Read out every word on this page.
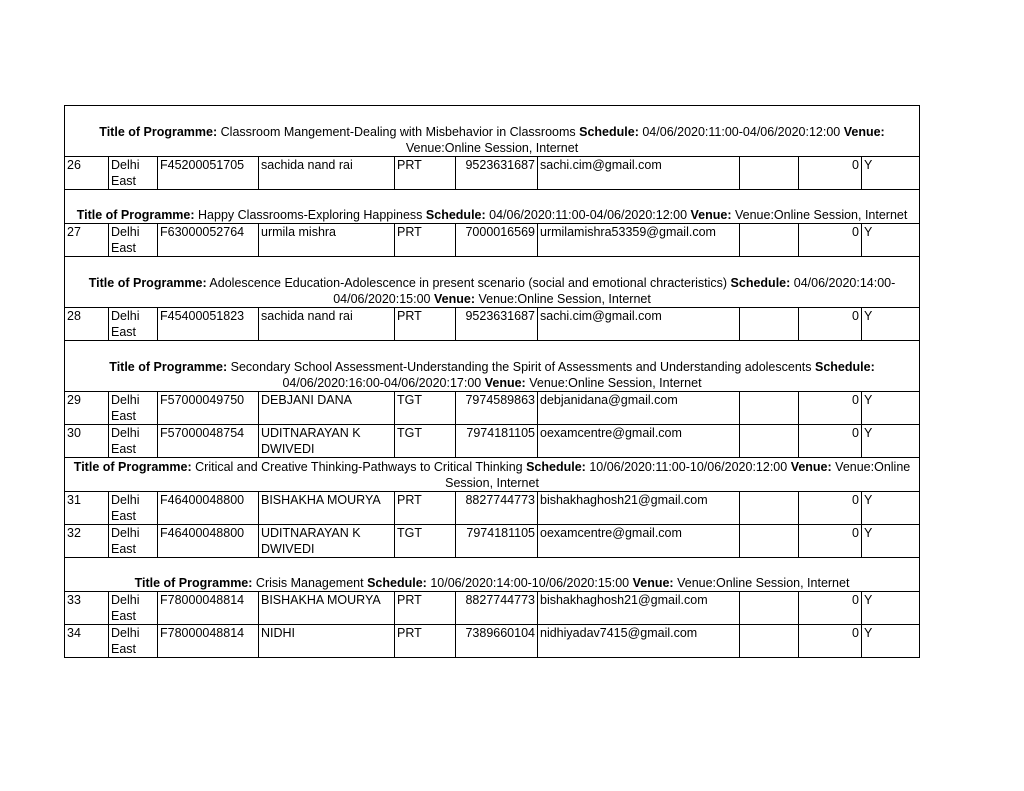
Title of Programme: Classroom Mangement-Dealing with Misbehavior in Classrooms Schedule: 04/06/2020:11:00-04/06/2020:12:00 Venue: Venue:Online Session, Internet									
26	Delhi East	F45200051705	sachida nand rai	PRT	9523631687	sachi.cim@gmail.com		0	Y
Title of Programme: Happy Classrooms-Exploring Happiness Schedule: 04/06/2020:11:00-04/06/2020:12:00 Venue: Venue:Online Session, Internet									
27	Delhi East	F63000052764	urmila mishra	PRT	7000016569	urmilamishra53359@gmail.com		0	Y
Title of Programme: Adolescence Education-Adolescence in present scenario (social and emotional chracteristics) Schedule: 04/06/2020:14:00-04/06/2020:15:00 Venue: Venue:Online Session, Internet									
28	Delhi East	F45400051823	sachida nand rai	PRT	9523631687	sachi.cim@gmail.com		0	Y
Title of Programme: Secondary School Assessment-Understanding the Spirit of Assessments and Understanding adolescents Schedule: 04/06/2020:16:00-04/06/2020:17:00 Venue: Venue:Online Session, Internet									
29	Delhi East	F57000049750	DEBJANI DANA	TGT	7974589863	debjanidana@gmail.com		0	Y
30	Delhi East	F57000048754	UDITNARAYAN K DWIVEDI	TGT	7974181105	oexamcentre@gmail.com		0	Y
Title of Programme: Critical and Creative Thinking-Pathways to Critical Thinking Schedule: 10/06/2020:11:00-10/06/2020:12:00 Venue: Venue:Online Session, Internet									
31	Delhi East	F46400048800	BISHAKHA MOURYA	PRT	8827744773	bishakhaghosh21@gmail.com		0	Y
32	Delhi East	F46400048800	UDITNARAYAN K DWIVEDI	TGT	7974181105	oexamcentre@gmail.com		0	Y
Title of Programme: Crisis Management Schedule: 10/06/2020:14:00-10/06/2020:15:00 Venue: Venue:Online Session, Internet									
33	Delhi East	F78000048814	BISHAKHA MOURYA	PRT	8827744773	bishakhaghosh21@gmail.com		0	Y
34	Delhi East	F78000048814	NIDHI	PRT	7389660104	nidhiyadav7415@gmail.com		0	Y
